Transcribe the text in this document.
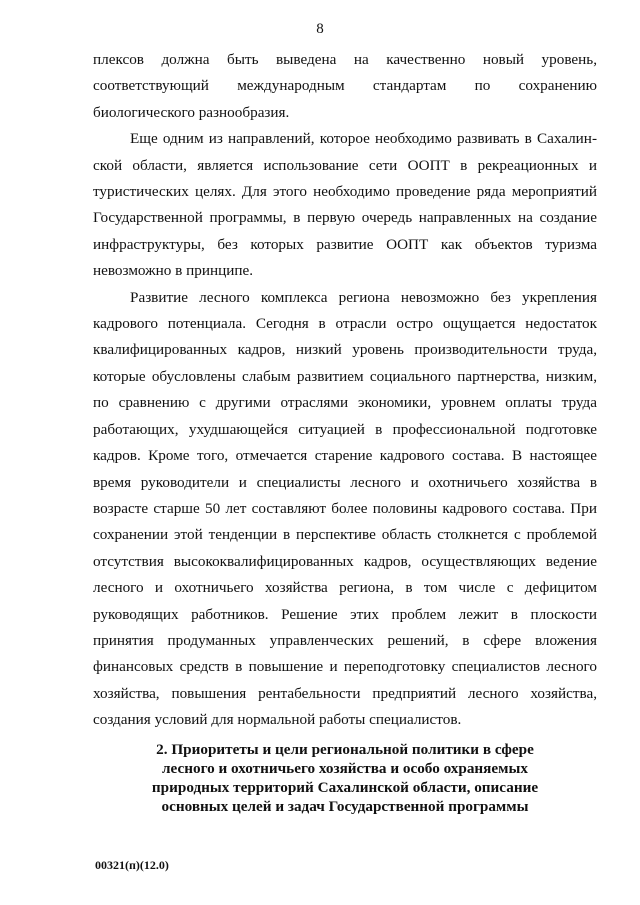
8

плексов должна быть выведена на качественно новый уровень, соответствующий международным стандартам по сохранению биологического разнообразия.

Еще одним из направлений, которое необходимо развивать в Сахалинской области, является использование сети ООПТ в рекреационных и туристических целях. Для этого необходимо проведение ряда мероприятий Государственной программы, в первую очередь направленных на создание инфраструктуры, без которых развитие ООПТ как объектов туризма невозможно в принципе.

Развитие лесного комплекса региона невозможно без укрепления кадрового потенциала. Сегодня в отрасли остро ощущается недостаток квалифицированных кадров, низкий уровень производительности труда, которые обусловлены слабым развитием социального партнерства, низким, по сравнению с другими отраслями экономики, уровнем оплаты труда работающих, ухудшающейся ситуацией в профессиональной подготовке кадров. Кроме того, отмечается старение кадрового состава. В настоящее время руководители и специалисты лесного и охотничьего хозяйства в возрасте старше 50 лет составляют более половины кадрового состава. При сохранении этой тенденции в перспективе область столкнется с проблемой отсутствия высококвалифицированных кадров, осуществляющих ведение лесного и охотничьего хозяйства региона, в том числе с дефицитом руководящих работников. Решение этих проблем лежит в плоскости принятия продуманных управленческих решений, в сфере вложения финансовых средств в повышение и переподготовку специалистов лесного хозяйства, повышения рентабельности предприятий лесного хозяйства, создания условий для нормальной работы специалистов.

2. Приоритеты и цели региональной политики в сфере
лесного и охотничьего хозяйства и особо охраняемых
природных территорий Сахалинской области, описание
основных целей и задач Государственной программы
00321(п)(12.0)
